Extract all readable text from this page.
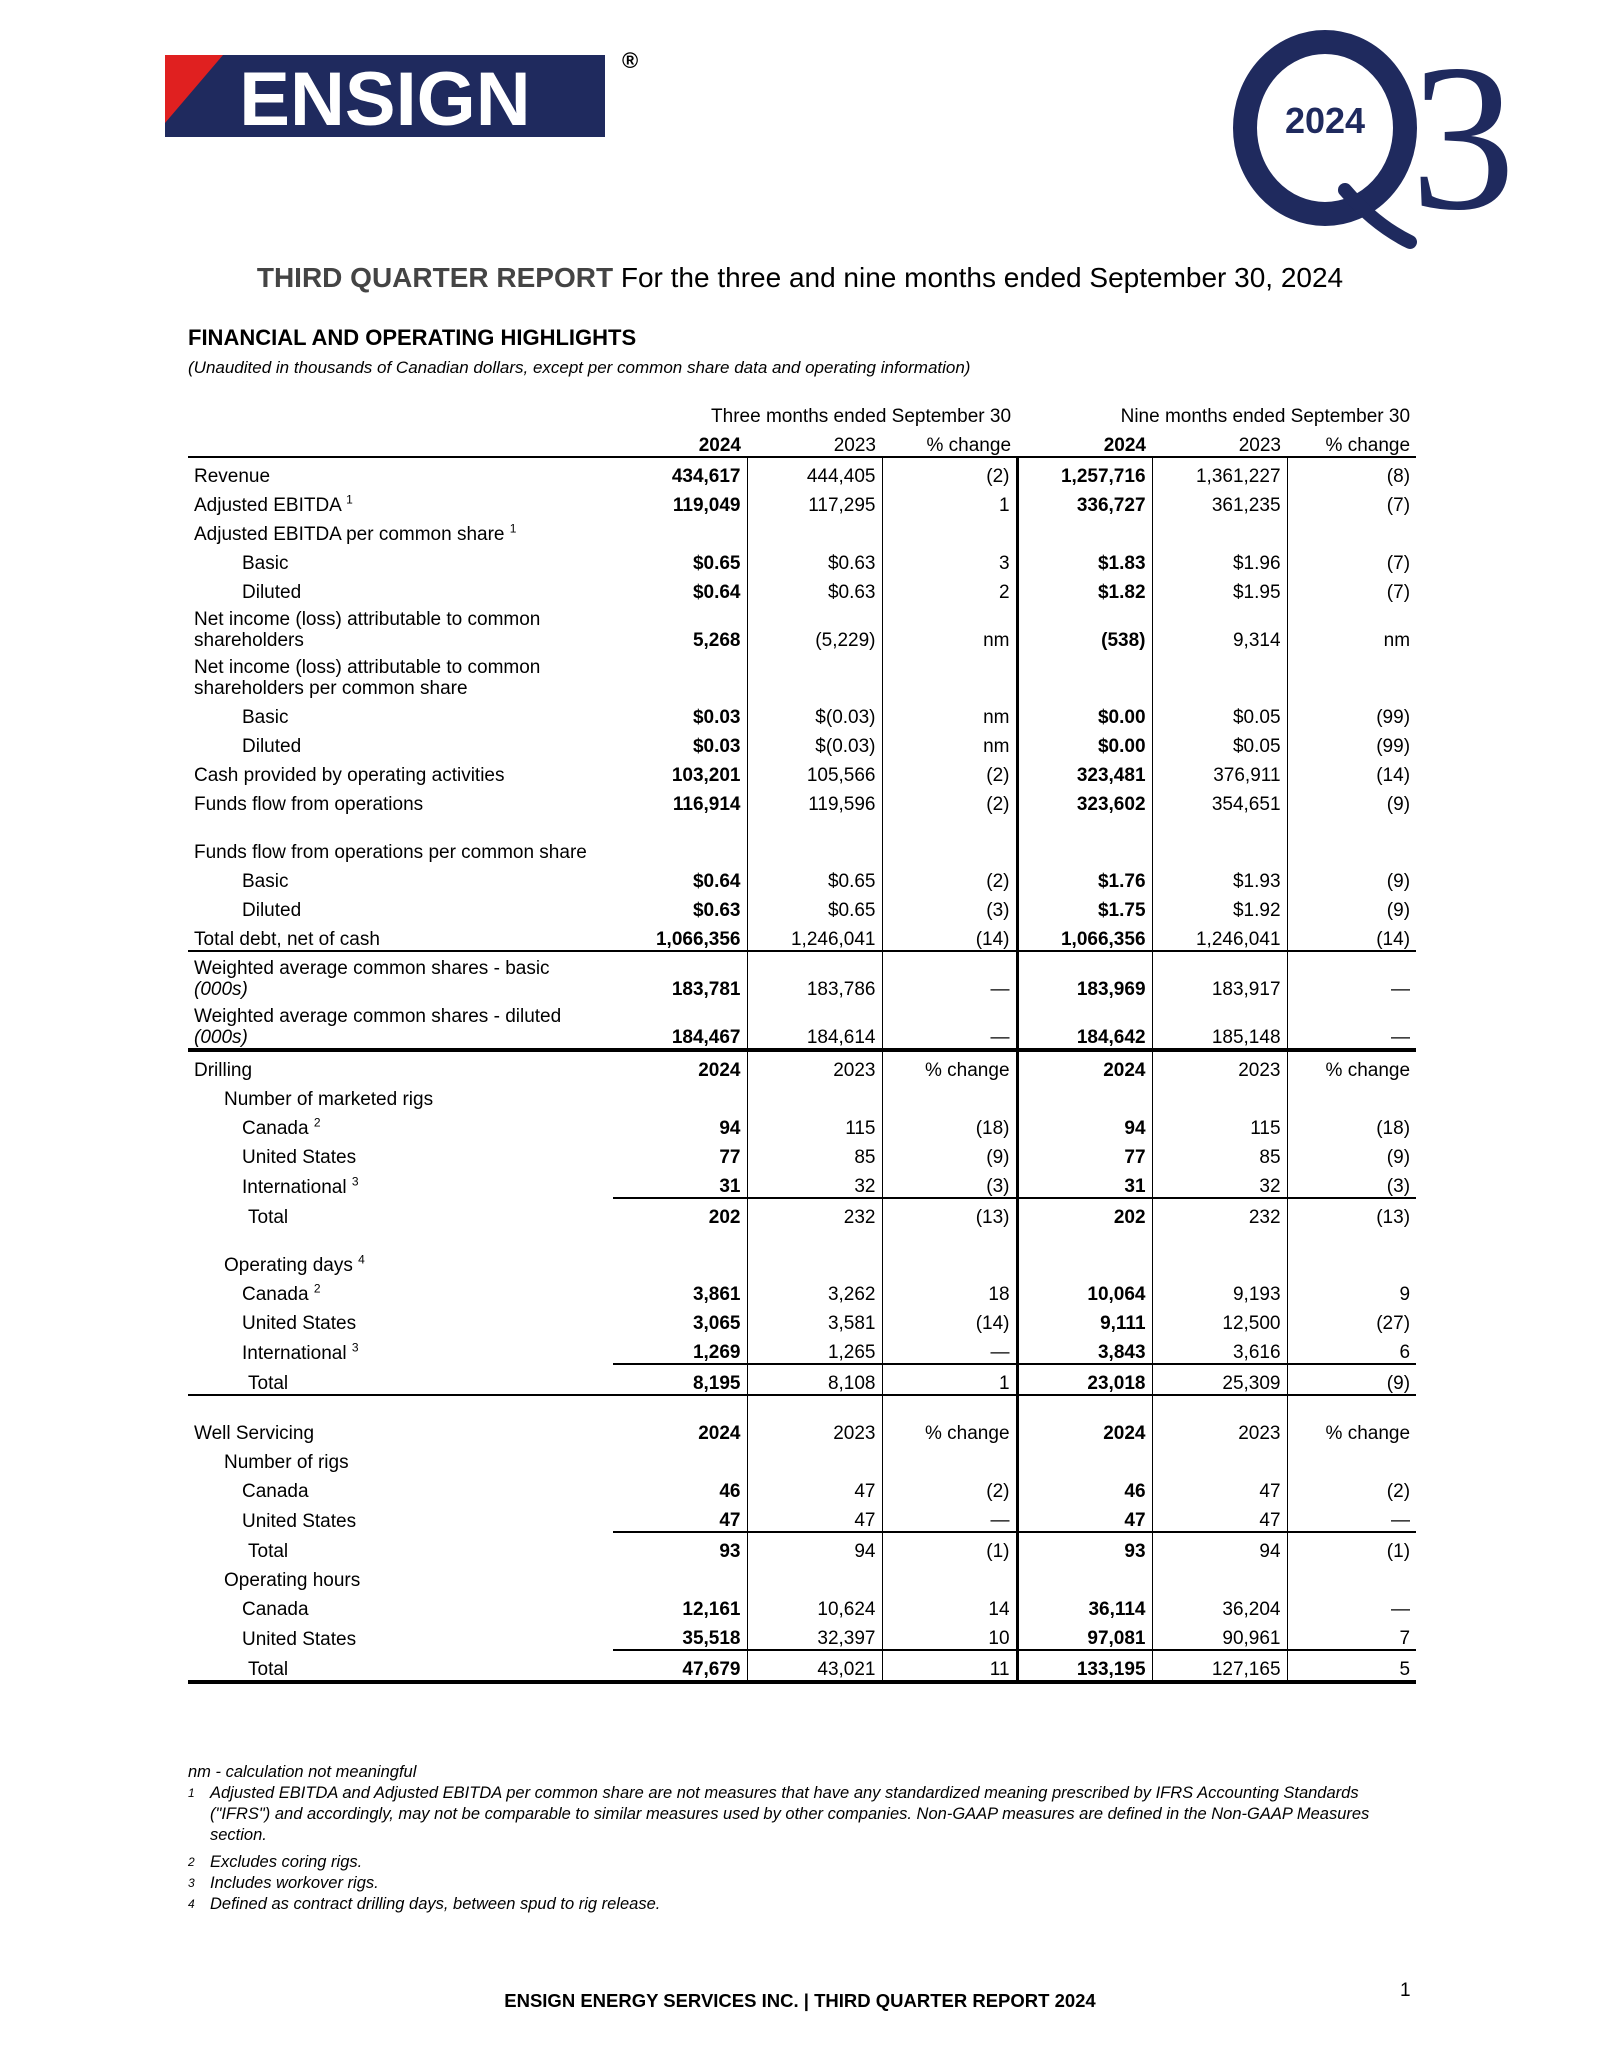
ENSIGN	®
2024 3
THIRD QUARTER REPORT For the three and nine months ended September 30, 2024
FINANCIAL AND OPERATING HIGHLIGHTS
(Unaudited in thousands of Canadian dollars, except per common share data and operating information)
	Three months ended September 30			Nine months ended September 30		
	2024	2023	% change	2024	2023	% change
Revenue	434,617	444,405	(2)	1,257,716	1,361,227	(8)
Adjusted EBITDA $^1$	119,049	117,295	1	336,727	361,235	(7)
Adjusted EBITDA per common share $^1$						
Basic	$0.65	$0.63	3	$1.83	$1.96	(7)
Diluted	$0.64	$0.63	2	$1.82	$1.95	(7)
Net income (loss) attributable to common shareholders	5,268	(5,229)	nm	(538)	9,314	nm
Net income (loss) attributable to common shareholders per common share						
Basic	$0.03	$(0.03)	nm	$0.00	$0.05	(99)
Diluted	$0.03	$(0.03)	nm	$0.00	$0.05	(99)
Cash provided by operating activities	103,201	105,566	(2)	323,481	376,911	(14)
Funds flow from operations	116,914	119,596	(2)	323,602	354,651	(9)
Funds flow from operations per common share						
Basic	$0.64	$0.65	(2)	$1.76	$1.93	(9)
Diluted	$0.63	$0.65	(3)	$1.75	$1.92	(9)
Total debt, net of cash	1,066,356	1,246,041	(14)	1,066,356	1,246,041	(14)
Weighted average common shares - basic
(000s)	183,781	183,786	—	183,969	183,917	—
Weighted average common shares - diluted
(000s)	184,467	184,614	—	184,642	185,148	—
Drilling	2024	2023	% change	2024	2023	% change
Number of marketed rigs						
Canada $^2$	94	115	(18)	94	115	(18)
United States	77	85	(9)	77	85	(9)
International $^3$	31	32	(3)	31	32	(3)
Total	202	232	(13)	202	232	(13)
Operating days $^4$						
Canada $^2$	3,861	3,262	18	10,064	9,193	9
United States	3,065	3,581	(14)	9,111	12,500	(27)
International $^3$	1,269	1,265	—	3,843	3,616	6
Total	8,195	8,108	1	23,018	25,309	(9)
Well Servicing	2024	2023	% change	2024	2023	% change
Number of rigs						
Canada	46	47	(2)	46	47	(2)
United States	47	47	—	47	47	—
Total	93	94	(1)	93	94	(1)
Operating hours						
Canada	12,161	10,624	14	36,114	36,204	—
United States	35,518	32,397	10	97,081	90,961	7
Total	47,679	43,021	11	133,195	127,165	5
nm - calculation not meaningful
1 Adjusted EBITDA and Adjusted EBITDA per common share are not measures that have any standardized meaning prescribed by IFRS Accounting Standards ("IFRS") and accordingly, may not be comparable to similar measures used by other companies. Non-GAAP measures are defined in the Non-GAAP Measures section.
2 Excludes coring rigs.
3 Includes workover rigs.
4 Defined as contract drilling days, between spud to rig release.
ENSIGN ENERGY SERVICES INC. | THIRD QUARTER REPORT 2024	1
